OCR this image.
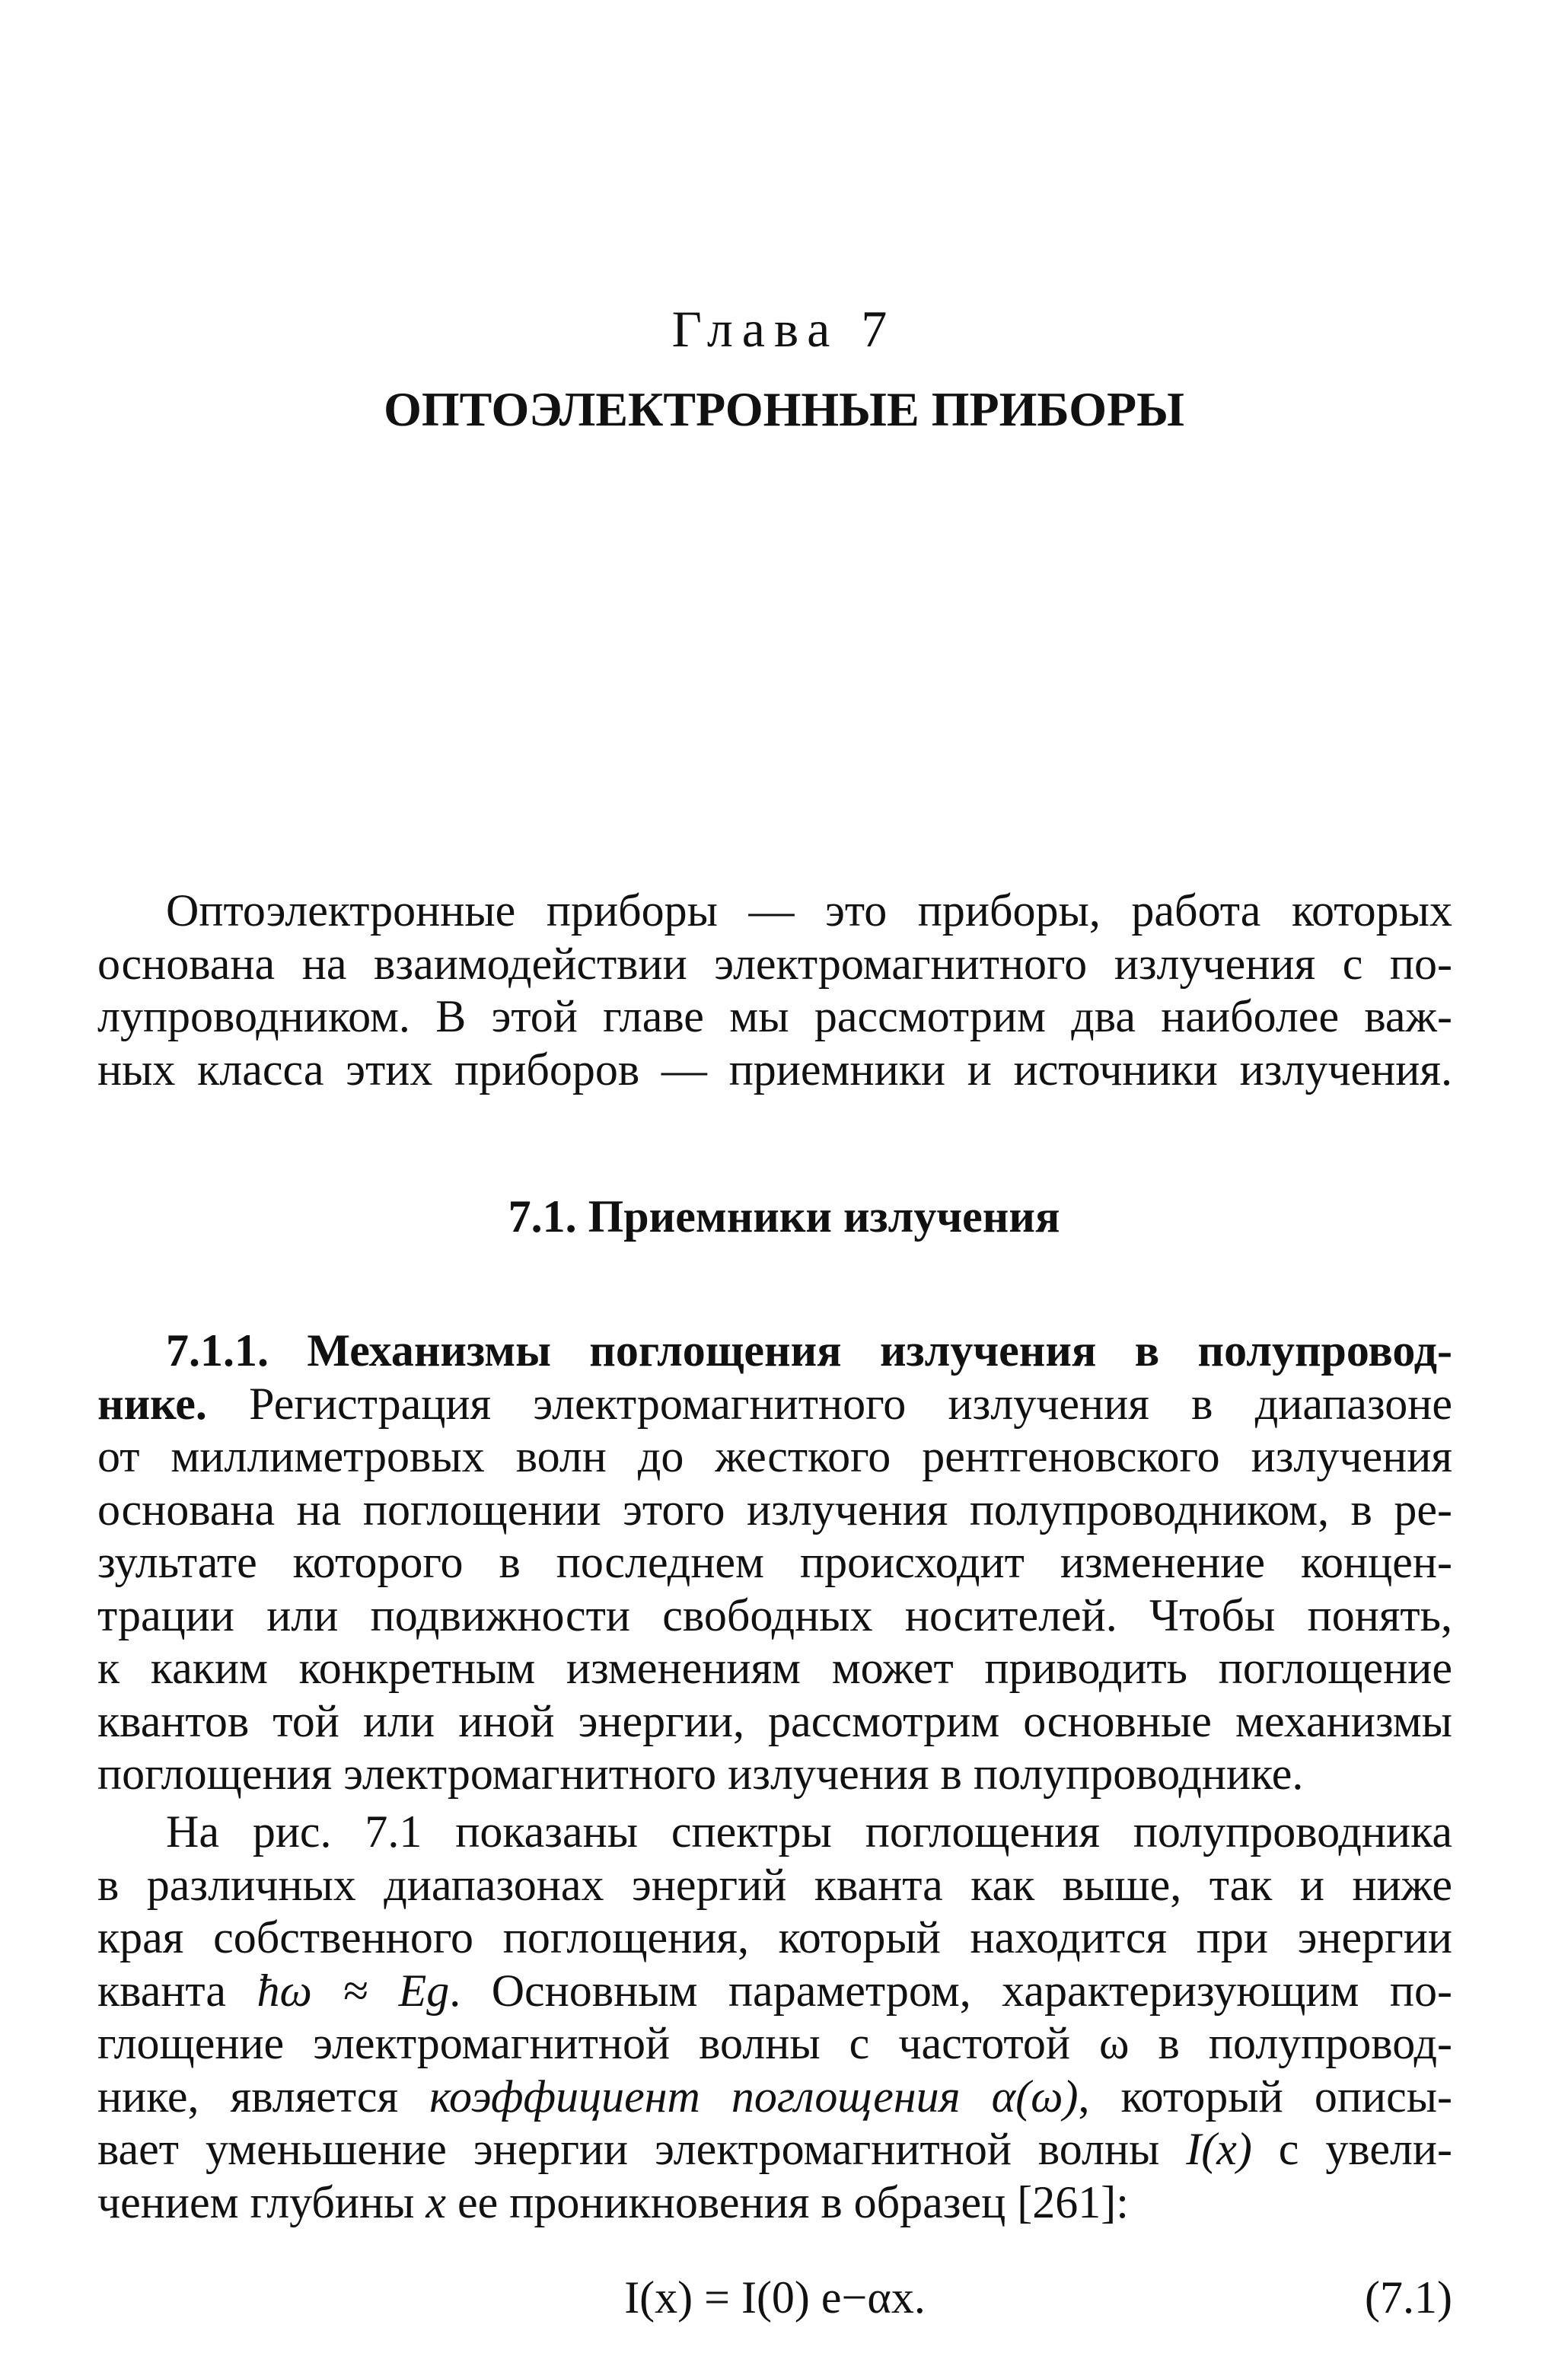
Глава 7
ОПТОЭЛЕКТРОННЫЕ ПРИБОРЫ
Оптоэлектронные приборы — это приборы, работа которых
основана на взаимодействии электромагнитного излучения с по-
лупроводником. В этой главе мы рассмотрим два наиболее важ-
ных класса этих приборов — приемники и источники излучения.
7.1. Приемники излучения
7.1.1. Механизмы поглощения излучения в полупровод-
нике. Регистрация электромагнитного излучения в диапазоне
от миллиметровых волн до жесткого рентгеновского излучения
основана на поглощении этого излучения полупроводником, в ре-
зультате которого в последнем происходит изменение концен-
трации или подвижности свободных носителей. Чтобы понять,
к каким конкретным изменениям может приводить поглощение
квантов той или иной энергии, рассмотрим основные механизмы
поглощения электромагнитного излучения в полупроводнике.
На рис. 7.1 показаны спектры поглощения полупроводника
в различных диапазонах энергий кванта как выше, так и ниже
края собственного поглощения, который находится при энергии
кванта ħω ≈ Eg. Основным параметром, характеризующим по-
глощение электромагнитной волны с частотой ω в полупровод-
нике, является коэффициент поглощения α(ω), который описы-
вает уменьшение энергии электромагнитной волны I(x) с увели-
чением глубины x ее проникновения в образец [261]:
I(x) = I(0) e−αx.	(7.1)
